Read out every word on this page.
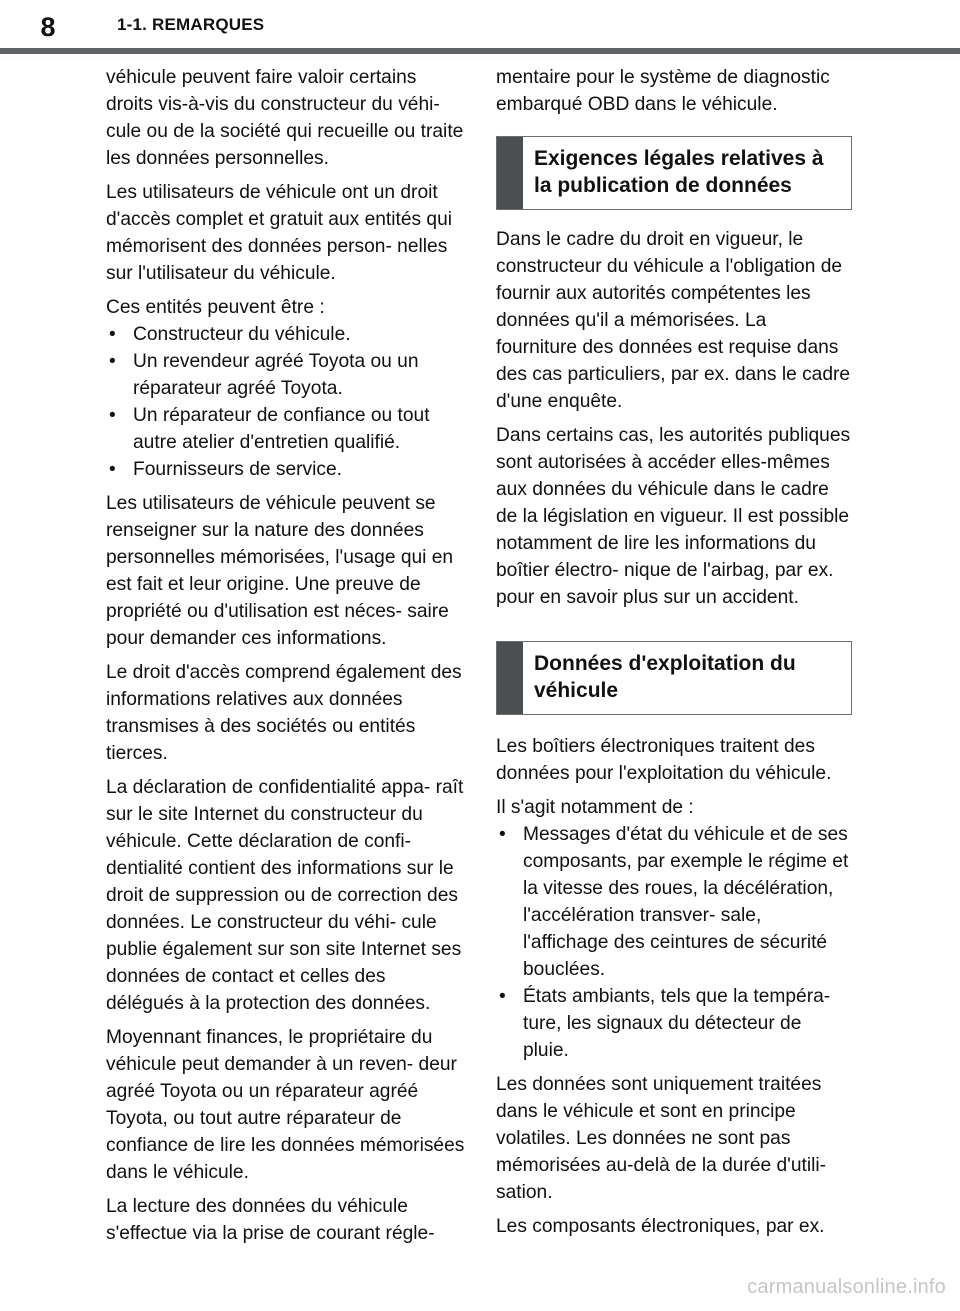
8	1-1. REMARQUES

véhicule peuvent faire valoir certains droits vis-à-vis du constructeur du véhi- cule ou de la société qui recueille ou traite les données personnelles.

Les utilisateurs de véhicule ont un droit d'accès complet et gratuit aux entités qui mémorisent des données person- nelles sur l'utilisateur du véhicule.

Ces entités peuvent être :

• Constructeur du véhicule.
• Un revendeur agréé Toyota ou un réparateur agréé Toyota.
• Un réparateur de confiance ou tout autre atelier d'entretien qualifié.
• Fournisseurs de service.

Les utilisateurs de véhicule peuvent se renseigner sur la nature des données personnelles mémorisées, l'usage qui en est fait et leur origine. Une preuve de propriété ou d'utilisation est néces- saire pour demander ces informations.

Le droit d'accès comprend également des informations relatives aux données transmises à des sociétés ou entités tierces.

La déclaration de confidentialité appa- raît sur le site Internet du constructeur du véhicule. Cette déclaration de confi- dentialité contient des informations sur le droit de suppression ou de correction des données. Le constructeur du véhi- cule publie également sur son site Internet ses données de contact et celles des délégués à la protection des données.

Moyennant finances, le propriétaire du véhicule peut demander à un reven- deur agréé Toyota ou un réparateur agréé Toyota, ou tout autre réparateur de confiance de lire les données mémorisées dans le véhicule.

La lecture des données du véhicule s'effectue via la prise de courant régle-

mentaire pour le système de diagnostic embarqué OBD dans le véhicule.

Exigences légales relatives à la publication de données

Dans le cadre du droit en vigueur, le constructeur du véhicule a l'obligation de fournir aux autorités compétentes les données qu'il a mémorisées. La fourniture des données est requise dans des cas particuliers, par ex. dans le cadre d'une enquête.

Dans certains cas, les autorités publiques sont autorisées à accéder elles-mêmes aux données du véhicule dans le cadre de la législation en vigueur. Il est possible notamment de lire les informations du boîtier électro- nique de l'airbag, par ex. pour en savoir plus sur un accident.

Données d'exploitation du véhicule

Les boîtiers électroniques traitent des données pour l'exploitation du véhicule.

Il s'agit notamment de :

• Messages d'état du véhicule et de ses composants, par exemple le régime et la vitesse des roues, la décélération, l'accélération transver- sale, l'affichage des ceintures de sécurité bouclées.
• États ambiants, tels que la tempéra- ture, les signaux du détecteur de pluie.

Les données sont uniquement traitées dans le véhicule et sont en principe volatiles. Les données ne sont pas mémorisées au-delà de la durée d'utili- sation.

Les composants électroniques, par ex.

carmanualsonline.info
